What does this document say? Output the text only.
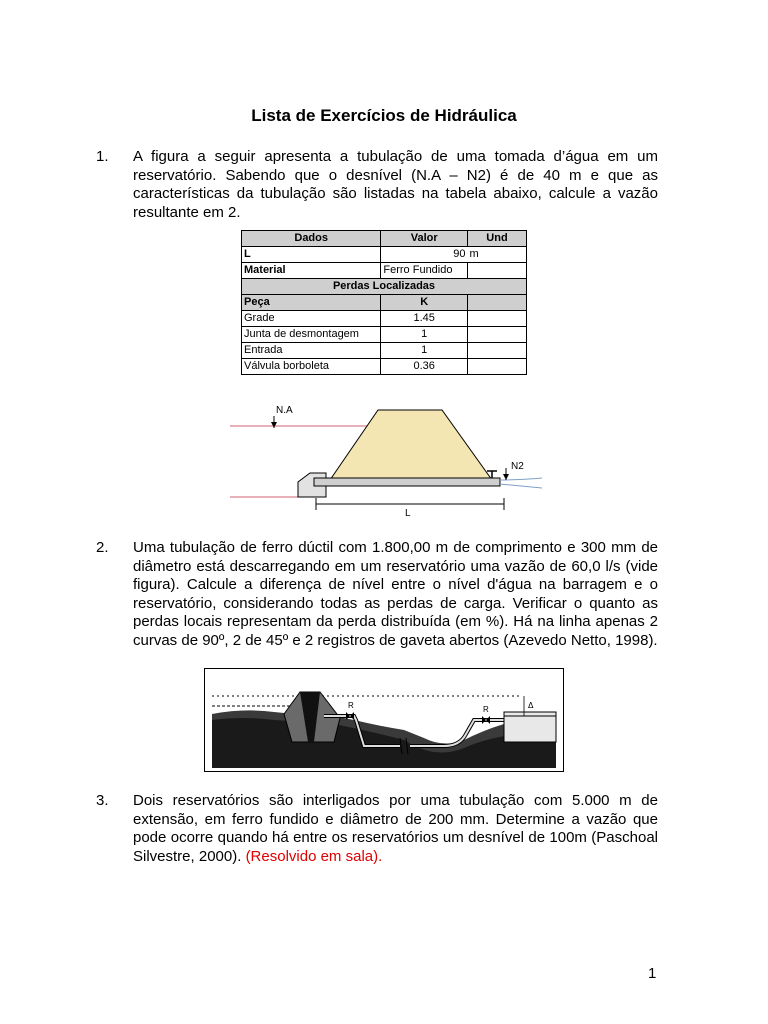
Lista de Exercícios de Hidráulica
1. A figura a seguir apresenta a tubulação de uma tomada d’água em um reservatório. Sabendo que o desnível (N.A – N2) é de 40 m e que as características da tubulação são listadas na tabela abaixo, calcule a vazão resultante em 2.
Dados	Valor	Und
L	90	m
Material	Ferro Fundido	
Perdas Localizadas		
Peça	K	
Grade	1.45	
Junta de desmontagem	1	
Entrada	1	
Válvula borboleta	0.36	
N.A
N2
L
2. Uma tubulação de ferro dúctil com 1.800,00 m de comprimento e 300 mm de diâmetro está descarregando em um reservatório uma vazão de 60,0 l/s (vide figura). Calcule a diferença de nível entre o nível d'água na barragem e o reservatório, considerando todas as perdas de carga. Verificar o quanto as perdas locais representam da perda distribuída (em %). Há na linha apenas 2 curvas de 90º, 2 de 45º e 2 registros de gaveta abertos (Azevedo Netto, 1998).
R	R	Δ
3. Dois reservatórios são interligados por uma tubulação com 5.000 m de extensão, em ferro fundido e diâmetro de 200 mm. Determine a vazão que pode ocorre quando há entre os reservatórios um desnível de 100m (Paschoal Silvestre, 2000). (Resolvido em sala).
1
